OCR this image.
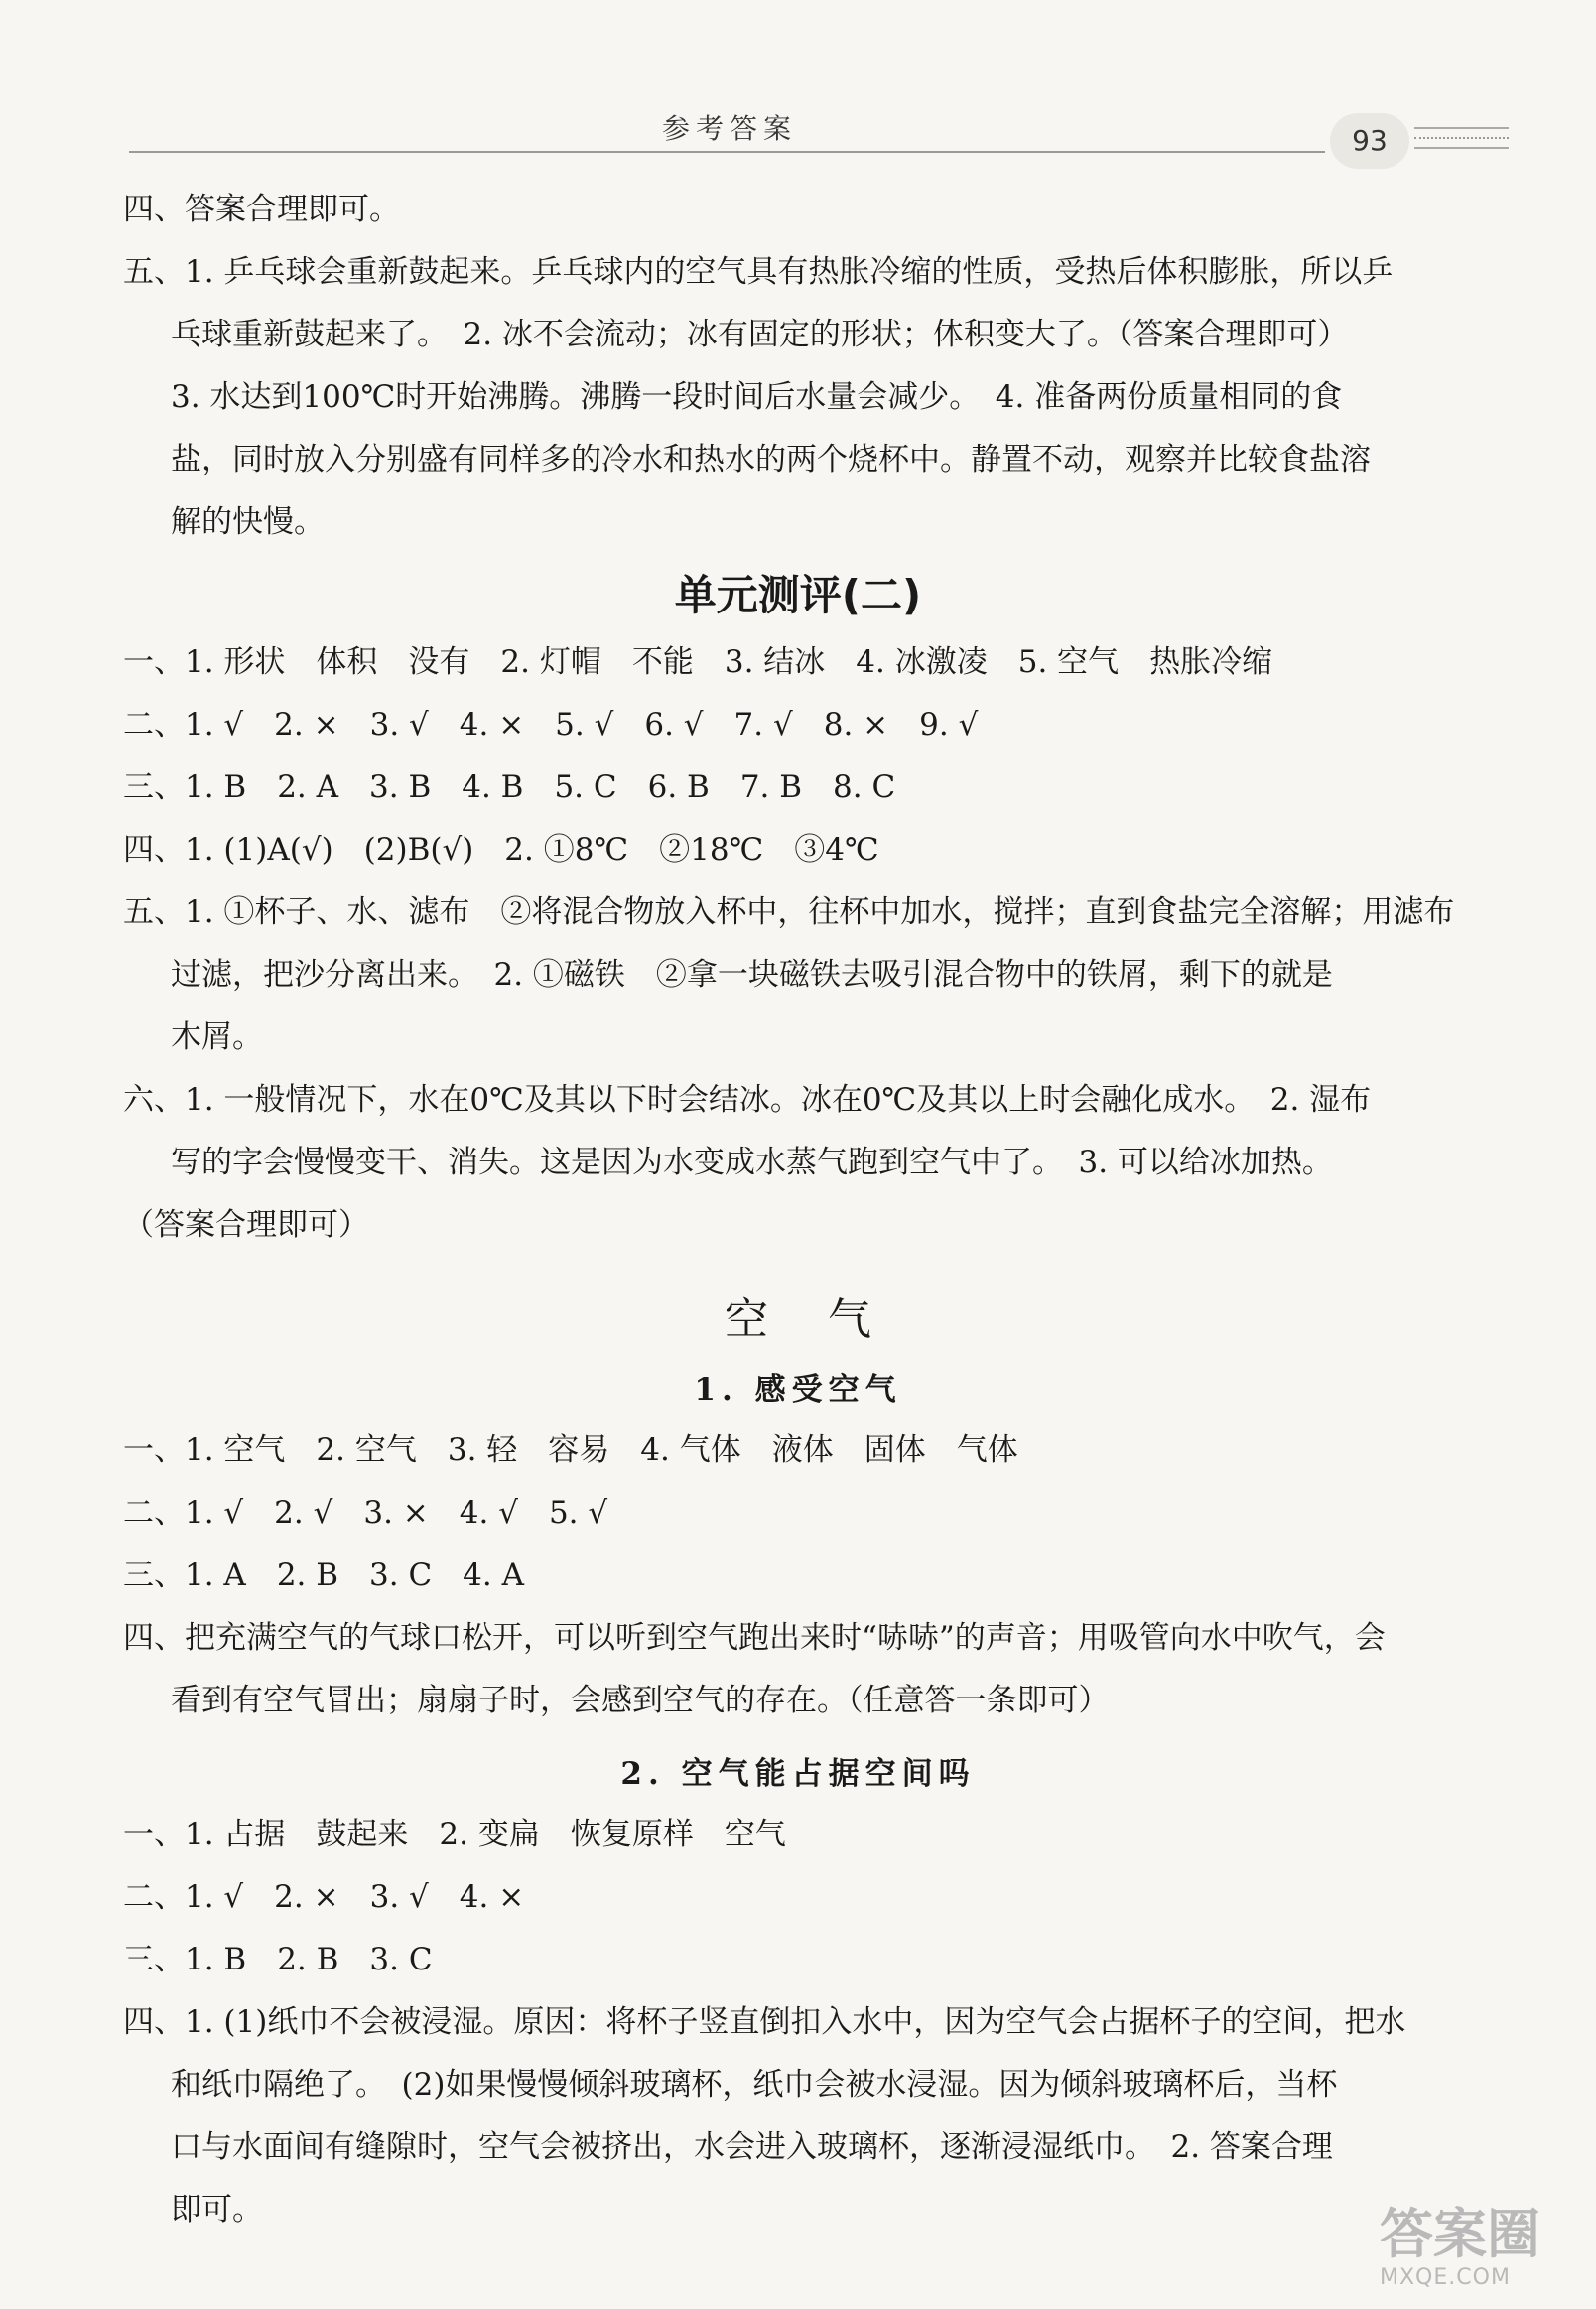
参考答案	93
四、答案合理即可。
五、1. 乒乓球会重新鼓起来。乒乓球内的空气具有热胀冷缩的性质，受热后体积膨胀，所以乒
乓球重新鼓起来了。　2. 冰不会流动；冰有固定的形状；体积变大了。（答案合理即可）
3. 水达到100℃时开始沸腾。沸腾一段时间后水量会减少。　4. 准备两份质量相同的食
盐，同时放入分别盛有同样多的冷水和热水的两个烧杯中。静置不动，观察并比较食盐溶
解的快慢。
单元测评(二)
一、1. 形状　体积　没有　2. 灯帽　不能　3. 结冰　4. 冰激凌　5. 空气　热胀冷缩
二、1. √　2. ×　3. √　4. ×　5. √　6. √　7. √　8. ×　9. √
三、1. B　2. A　3. B　4. B　5. C　6. B　7. B　8. C
四、1. (1)A(√)　(2)B(√)　2. ①8℃　②18℃　③4℃
五、1. ①杯子、水、滤布　②将混合物放入杯中，往杯中加水，搅拌；直到食盐完全溶解；用滤布
过滤，把沙分离出来。　2. ①磁铁　②拿一块磁铁去吸引混合物中的铁屑，剩下的就是
木屑。
六、1. 一般情况下，水在0℃及其以下时会结冰。冰在0℃及其以上时会融化成水。　2. 湿布
写的字会慢慢变干、消失。这是因为水变成水蒸气跑到空气中了。　3. 可以给冰加热。
（答案合理即可）
空气
1. 感受空气
一、1. 空气　2. 空气　3. 轻　容易　4. 气体　液体　固体　气体
二、1. √　2. √　3. ×　4. √　5. √
三、1. A　2. B　3. C　4. A
四、把充满空气的气球口松开，可以听到空气跑出来时“哧哧”的声音；用吸管向水中吹气，会
看到有空气冒出；扇扇子时，会感到空气的存在。（任意答一条即可）
2. 空气能占据空间吗
一、1. 占据　鼓起来　2. 变扁　恢复原样　空气
二、1. √　2. ×　3. √　4. ×
三、1. B　2. B　3. C
四、1. (1)纸巾不会被浸湿。原因：将杯子竖直倒扣入水中，因为空气会占据杯子的空间，把水
和纸巾隔绝了。　(2)如果慢慢倾斜玻璃杯，纸巾会被水浸湿。因为倾斜玻璃杯后，当杯
口与水面间有缝隙时，空气会被挤出，水会进入玻璃杯，逐渐浸湿纸巾。　2. 答案合理
即可。	答案圈
MXQE.COM
